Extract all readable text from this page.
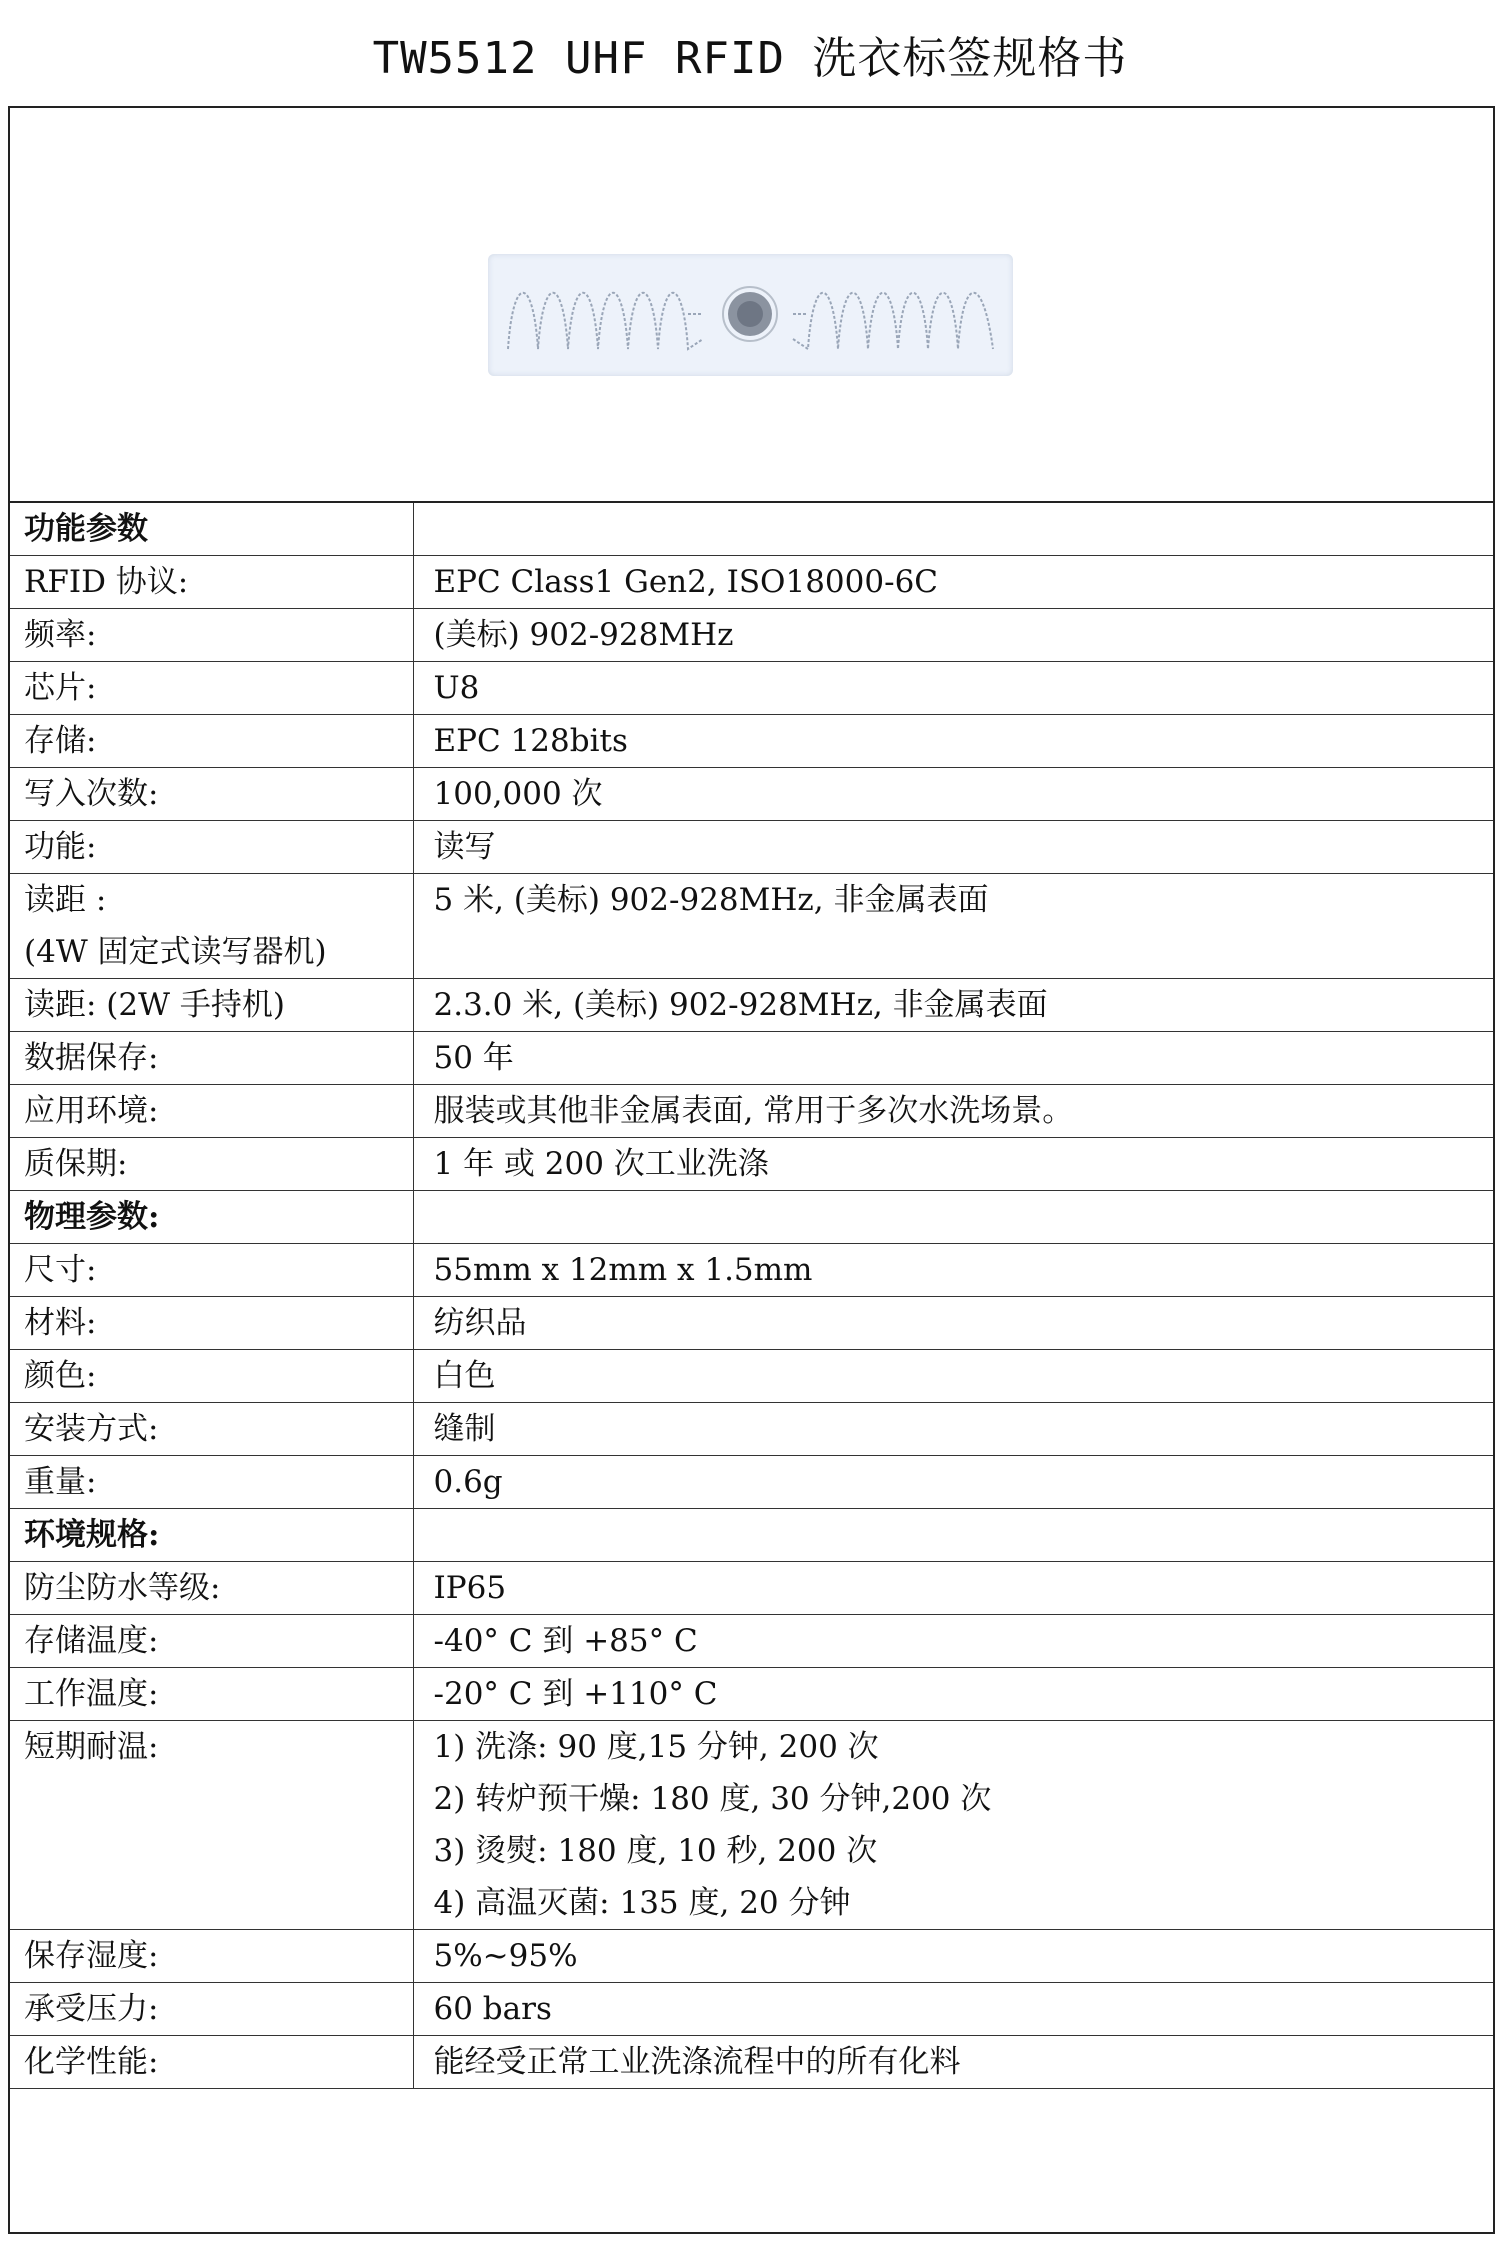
TW5512 UHF RFID 洗衣标签规格书
功能参数	

RFID 协议:	EPC Class1 Gen2, ISO18000-6C

频率:	(美标) 902-928MHz

芯片:	U8

存储:	EPC 128bits

写入次数:	100,000 次

功能:	读写

读距 :
(4W 固定式读写器机)	5 米, (美标) 902-928MHz, 非金属表面

读距: (2W 手持机)	2.3.0 米, (美标) 902-928MHz, 非金属表面

数据保存:	50 年

应用环境:	服装或其他非金属表面, 常用于多次水洗场景。

质保期:	1 年 或 200 次工业洗涤

物理参数:	

尺寸:	55mm x 12mm x 1.5mm

材料:	纺织品

颜色:	白色

安装方式:	缝制

重量:	0.6g

环境规格:	

防尘防水等级:	IP65

存储温度:	-40° C 到 +85° C

工作温度:	-20° C 到 +110° C

短期耐温:	1) 洗涤: 90 度,15 分钟, 200 次
2) 转炉预干燥: 180 度, 30 分钟,200 次
3) 烫熨: 180 度, 10 秒, 200 次
4) 高温灭菌: 135 度, 20 分钟

保存湿度:	5%~95%

承受压力:	60 bars

化学性能:	能经受正常工业洗涤流程中的所有化料
